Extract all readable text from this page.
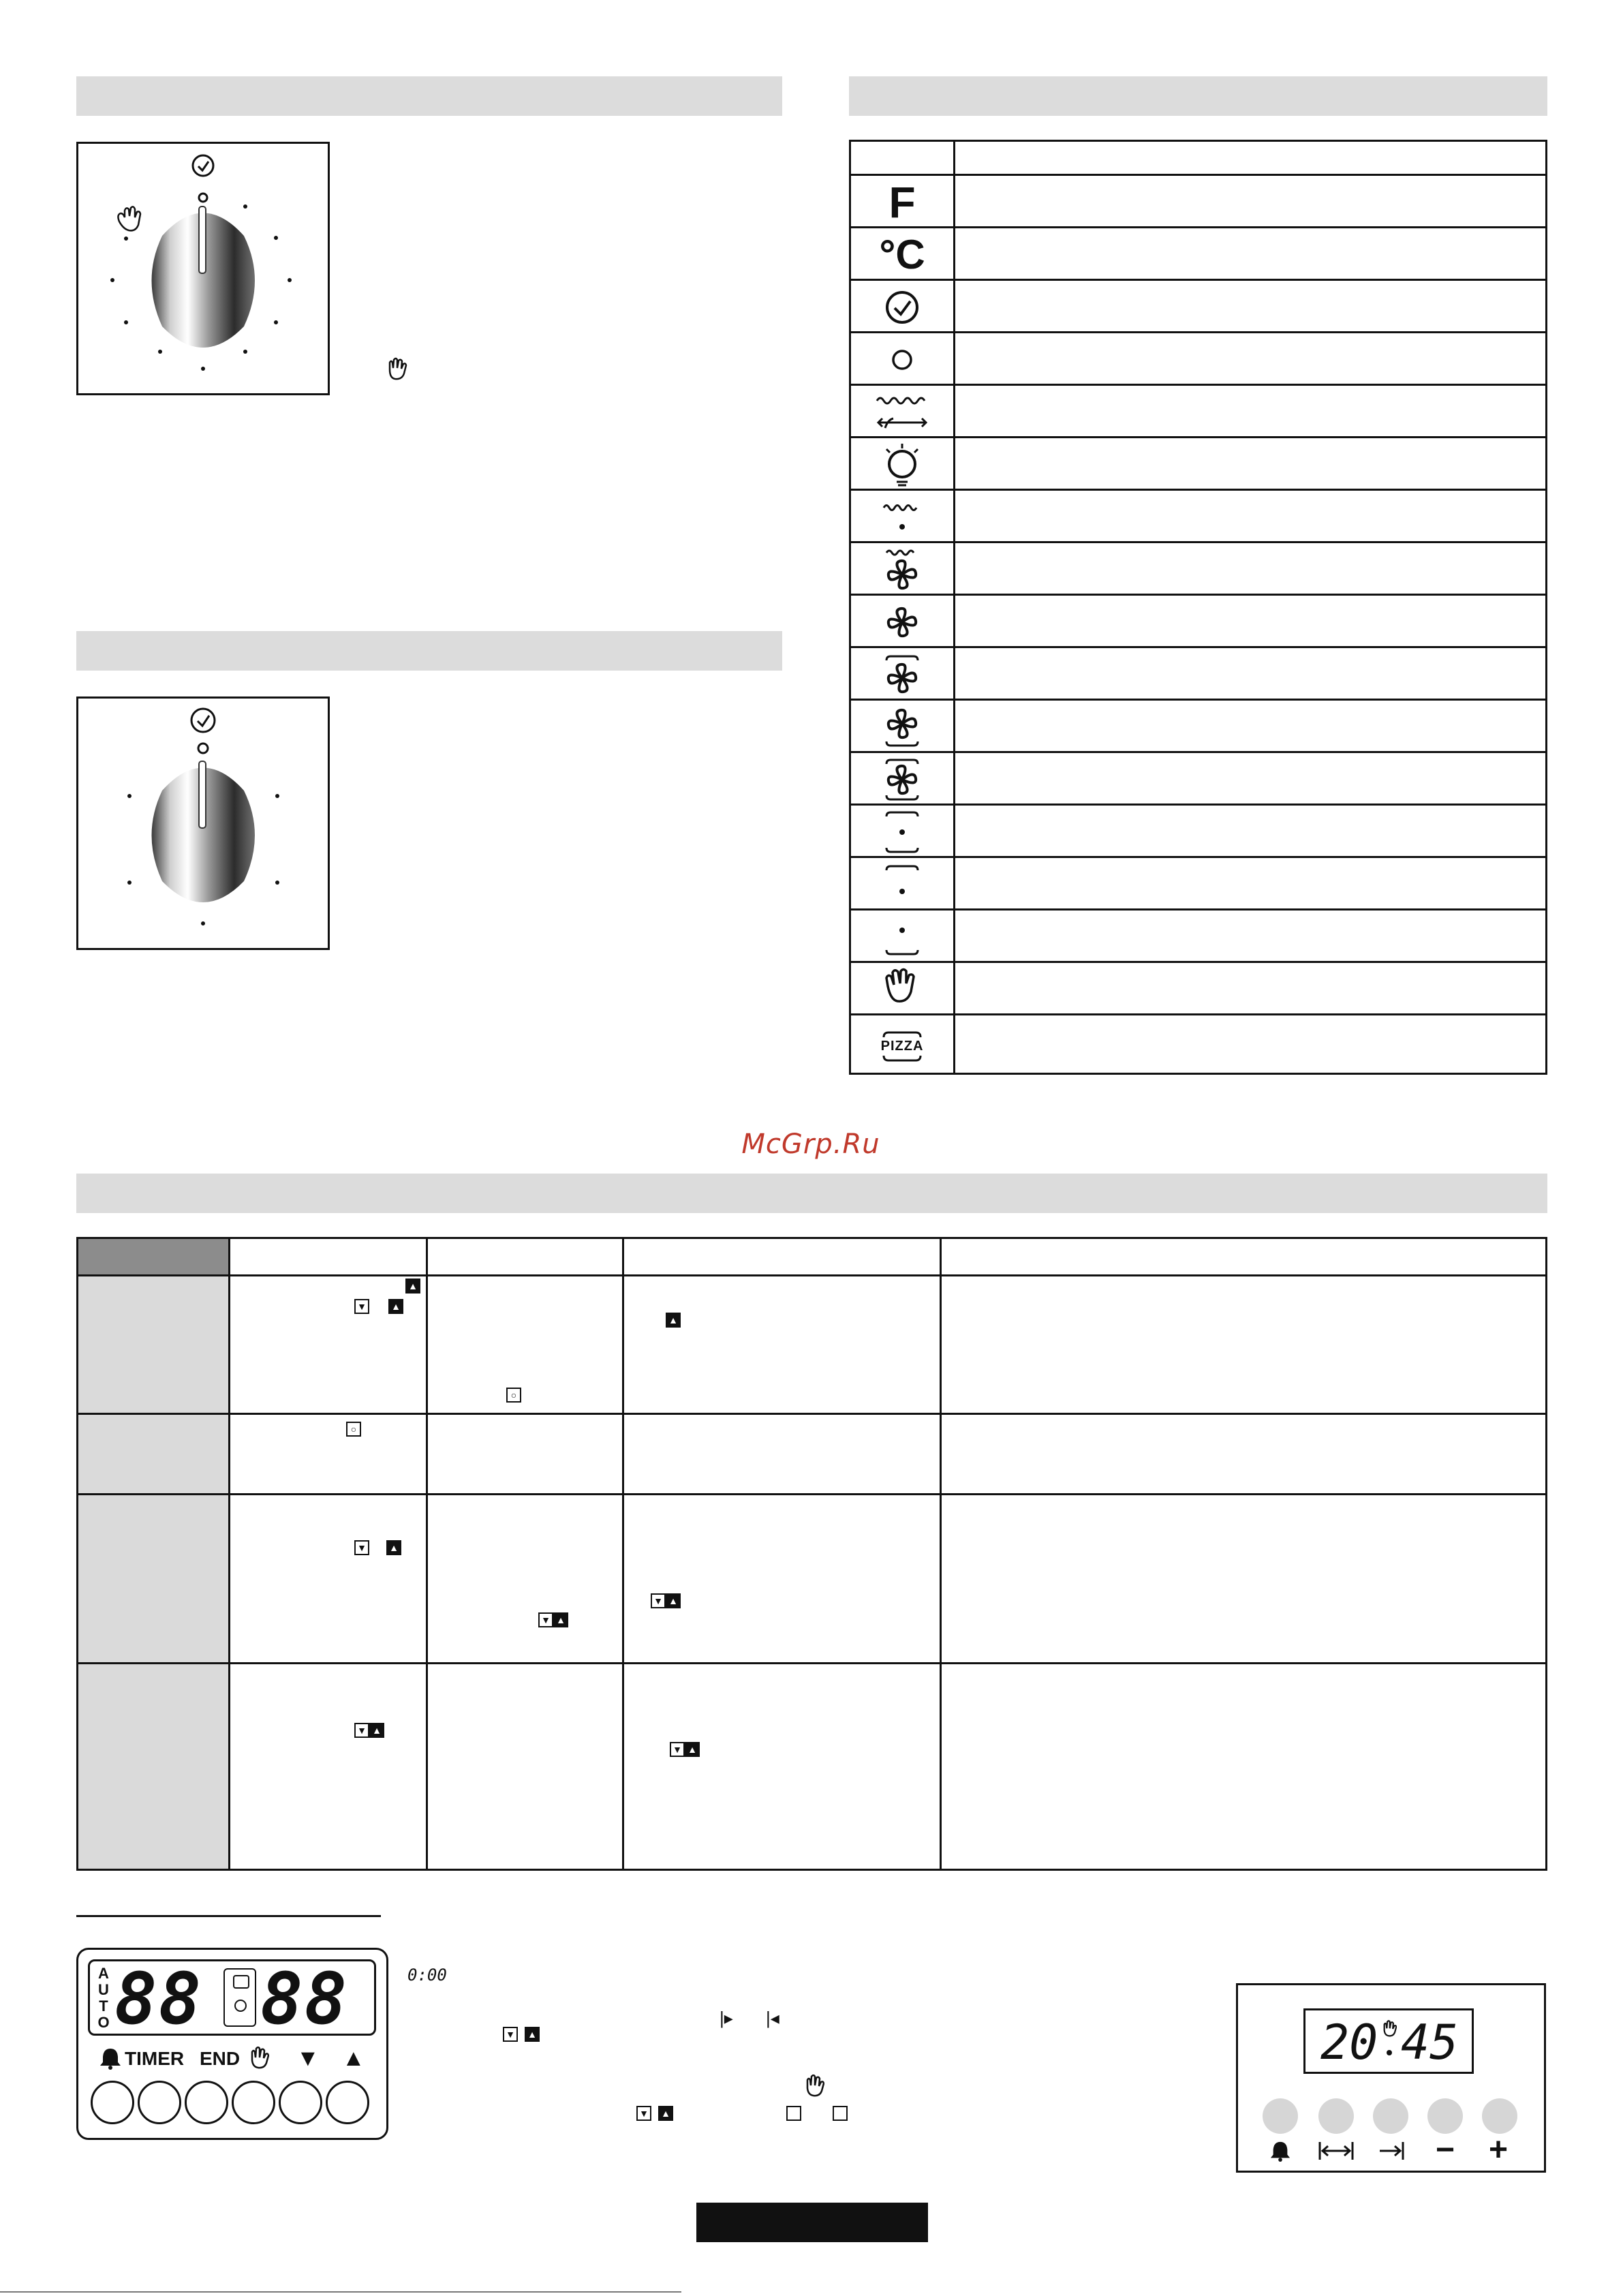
F
°C
PIZZA
McGrp.Ru
▲
▼	▲
○
▲
○
▼ ▲
▼ ▲
▼ ▲
▼ ▲
▼ ▲
A
U
T
O 88 88
TIMER END ▼ ▲
0:00
|▸ |◂
▼ ▲
▼ ▲
20 45
− +
